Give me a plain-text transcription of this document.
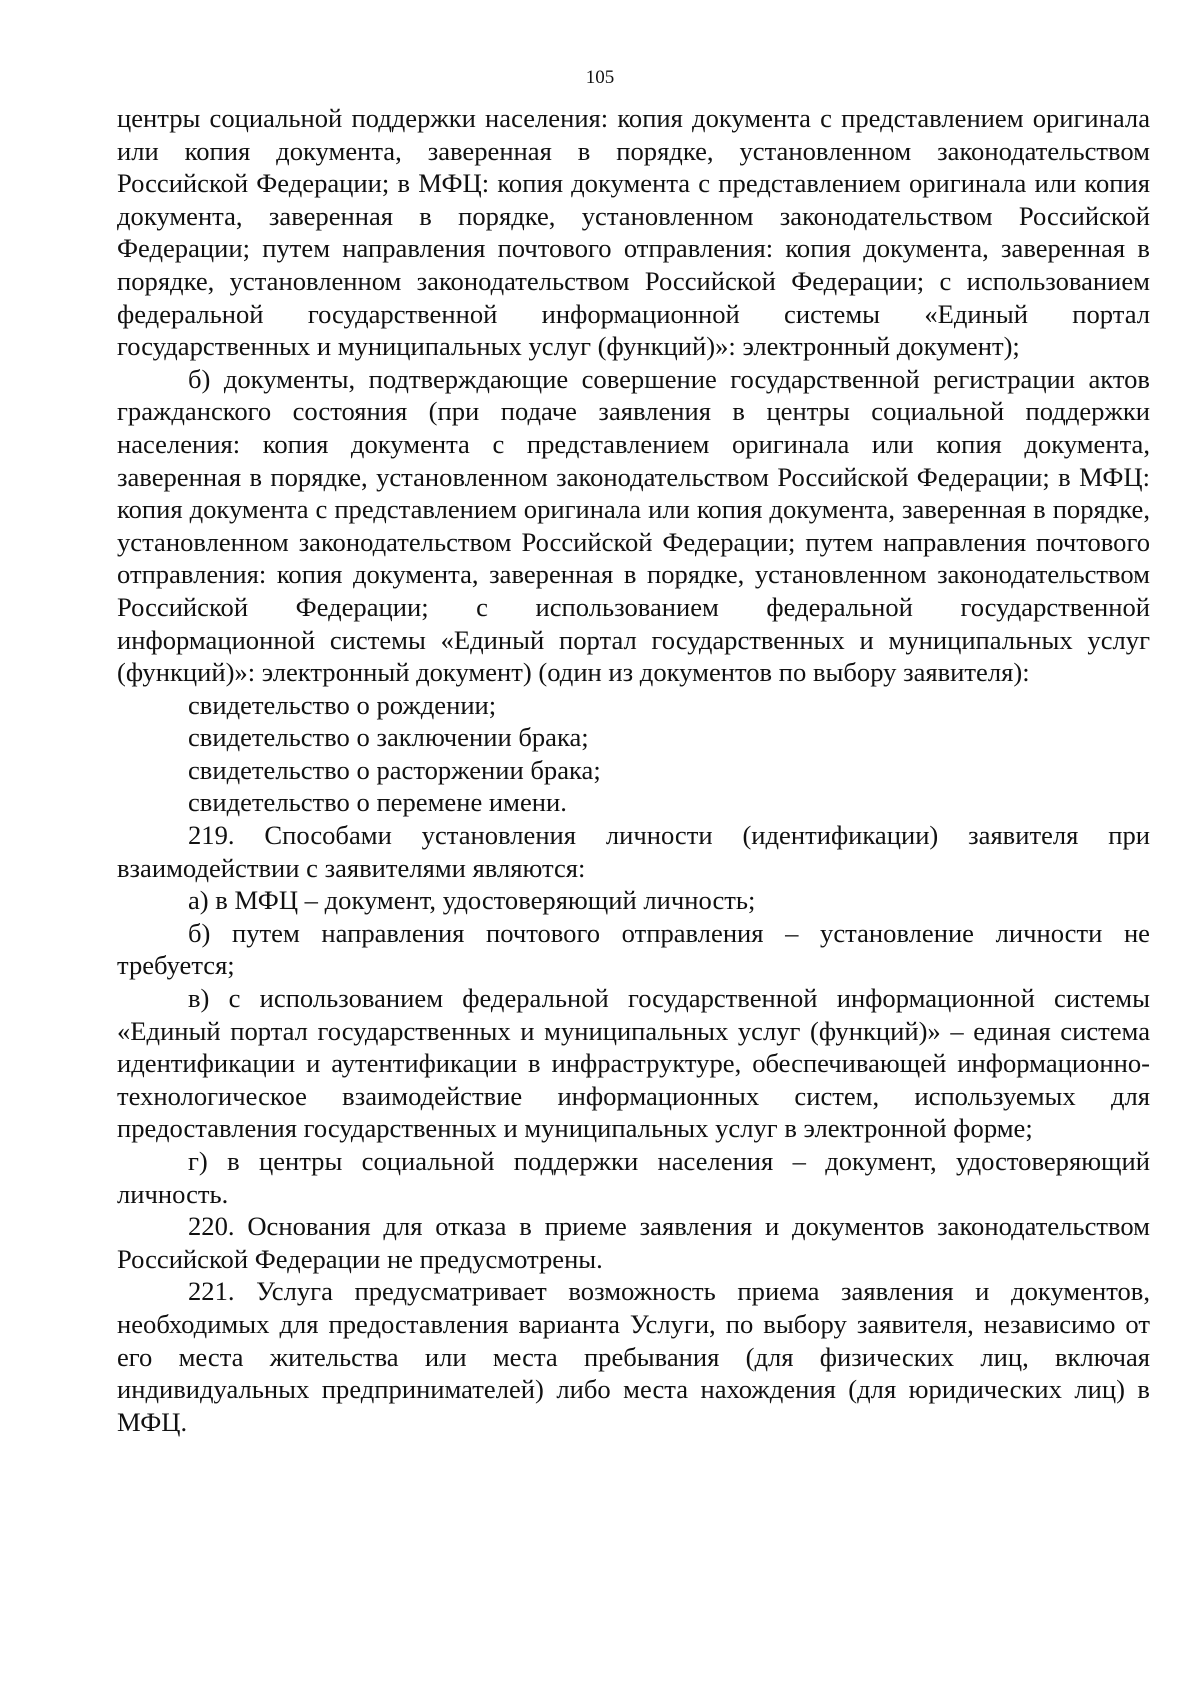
105

центры социальной поддержки населения: копия документа с представлением оригинала или копия документа, заверенная в порядке, установленном законодательством Российской Федерации; в МФЦ: копия документа с представлением оригинала или копия документа, заверенная в порядке, установленном законодательством Российской Федерации; путем направления почтового отправления: копия документа, заверенная в порядке, установленном законодательством Российской Федерации; с использованием федеральной государственной информационной системы «Единый портал государственных и муниципальных услуг (функций)»: электронный документ);

б) документы, подтверждающие совершение государственной регистрации актов гражданского состояния (при подаче заявления в центры социальной поддержки населения: копия документа с представлением оригинала или копия документа, заверенная в порядке, установленном законодательством Российской Федерации; в МФЦ: копия документа с представлением оригинала или копия документа, заверенная в порядке, установленном законодательством Российской Федерации; путем направления почтового отправления: копия документа, заверенная в порядке, установленном законодательством Российской Федерации; с использованием федеральной государственной информационной системы «Единый портал государственных и муниципальных услуг (функций)»: электронный документ) (один из документов по выбору заявителя):

свидетельство о рождении;

свидетельство о заключении брака;

свидетельство о расторжении брака;

свидетельство о перемене имени.

219. Способами установления личности (идентификации) заявителя при взаимодействии с заявителями являются:

а) в МФЦ – документ, удостоверяющий личность;

б) путем направления почтового отправления – установление личности не требуется;

в) с использованием федеральной государственной информационной системы «Единый портал государственных и муниципальных услуг (функций)» – единая система идентификации и аутентификации в инфраструктуре, обеспечивающей информационно-технологическое взаимодействие информационных систем, используемых для предоставления государственных и муниципальных услуг в электронной форме;

г) в центры социальной поддержки населения – документ, удостоверяющий личность.

220. Основания для отказа в приеме заявления и документов законодательством Российской Федерации не предусмотрены.

221. Услуга предусматривает возможность приема заявления и документов, необходимых для предоставления варианта Услуги, по выбору заявителя, независимо от его места жительства или места пребывания (для физических лиц, включая индивидуальных предпринимателей) либо места нахождения (для юридических лиц) в МФЦ.
